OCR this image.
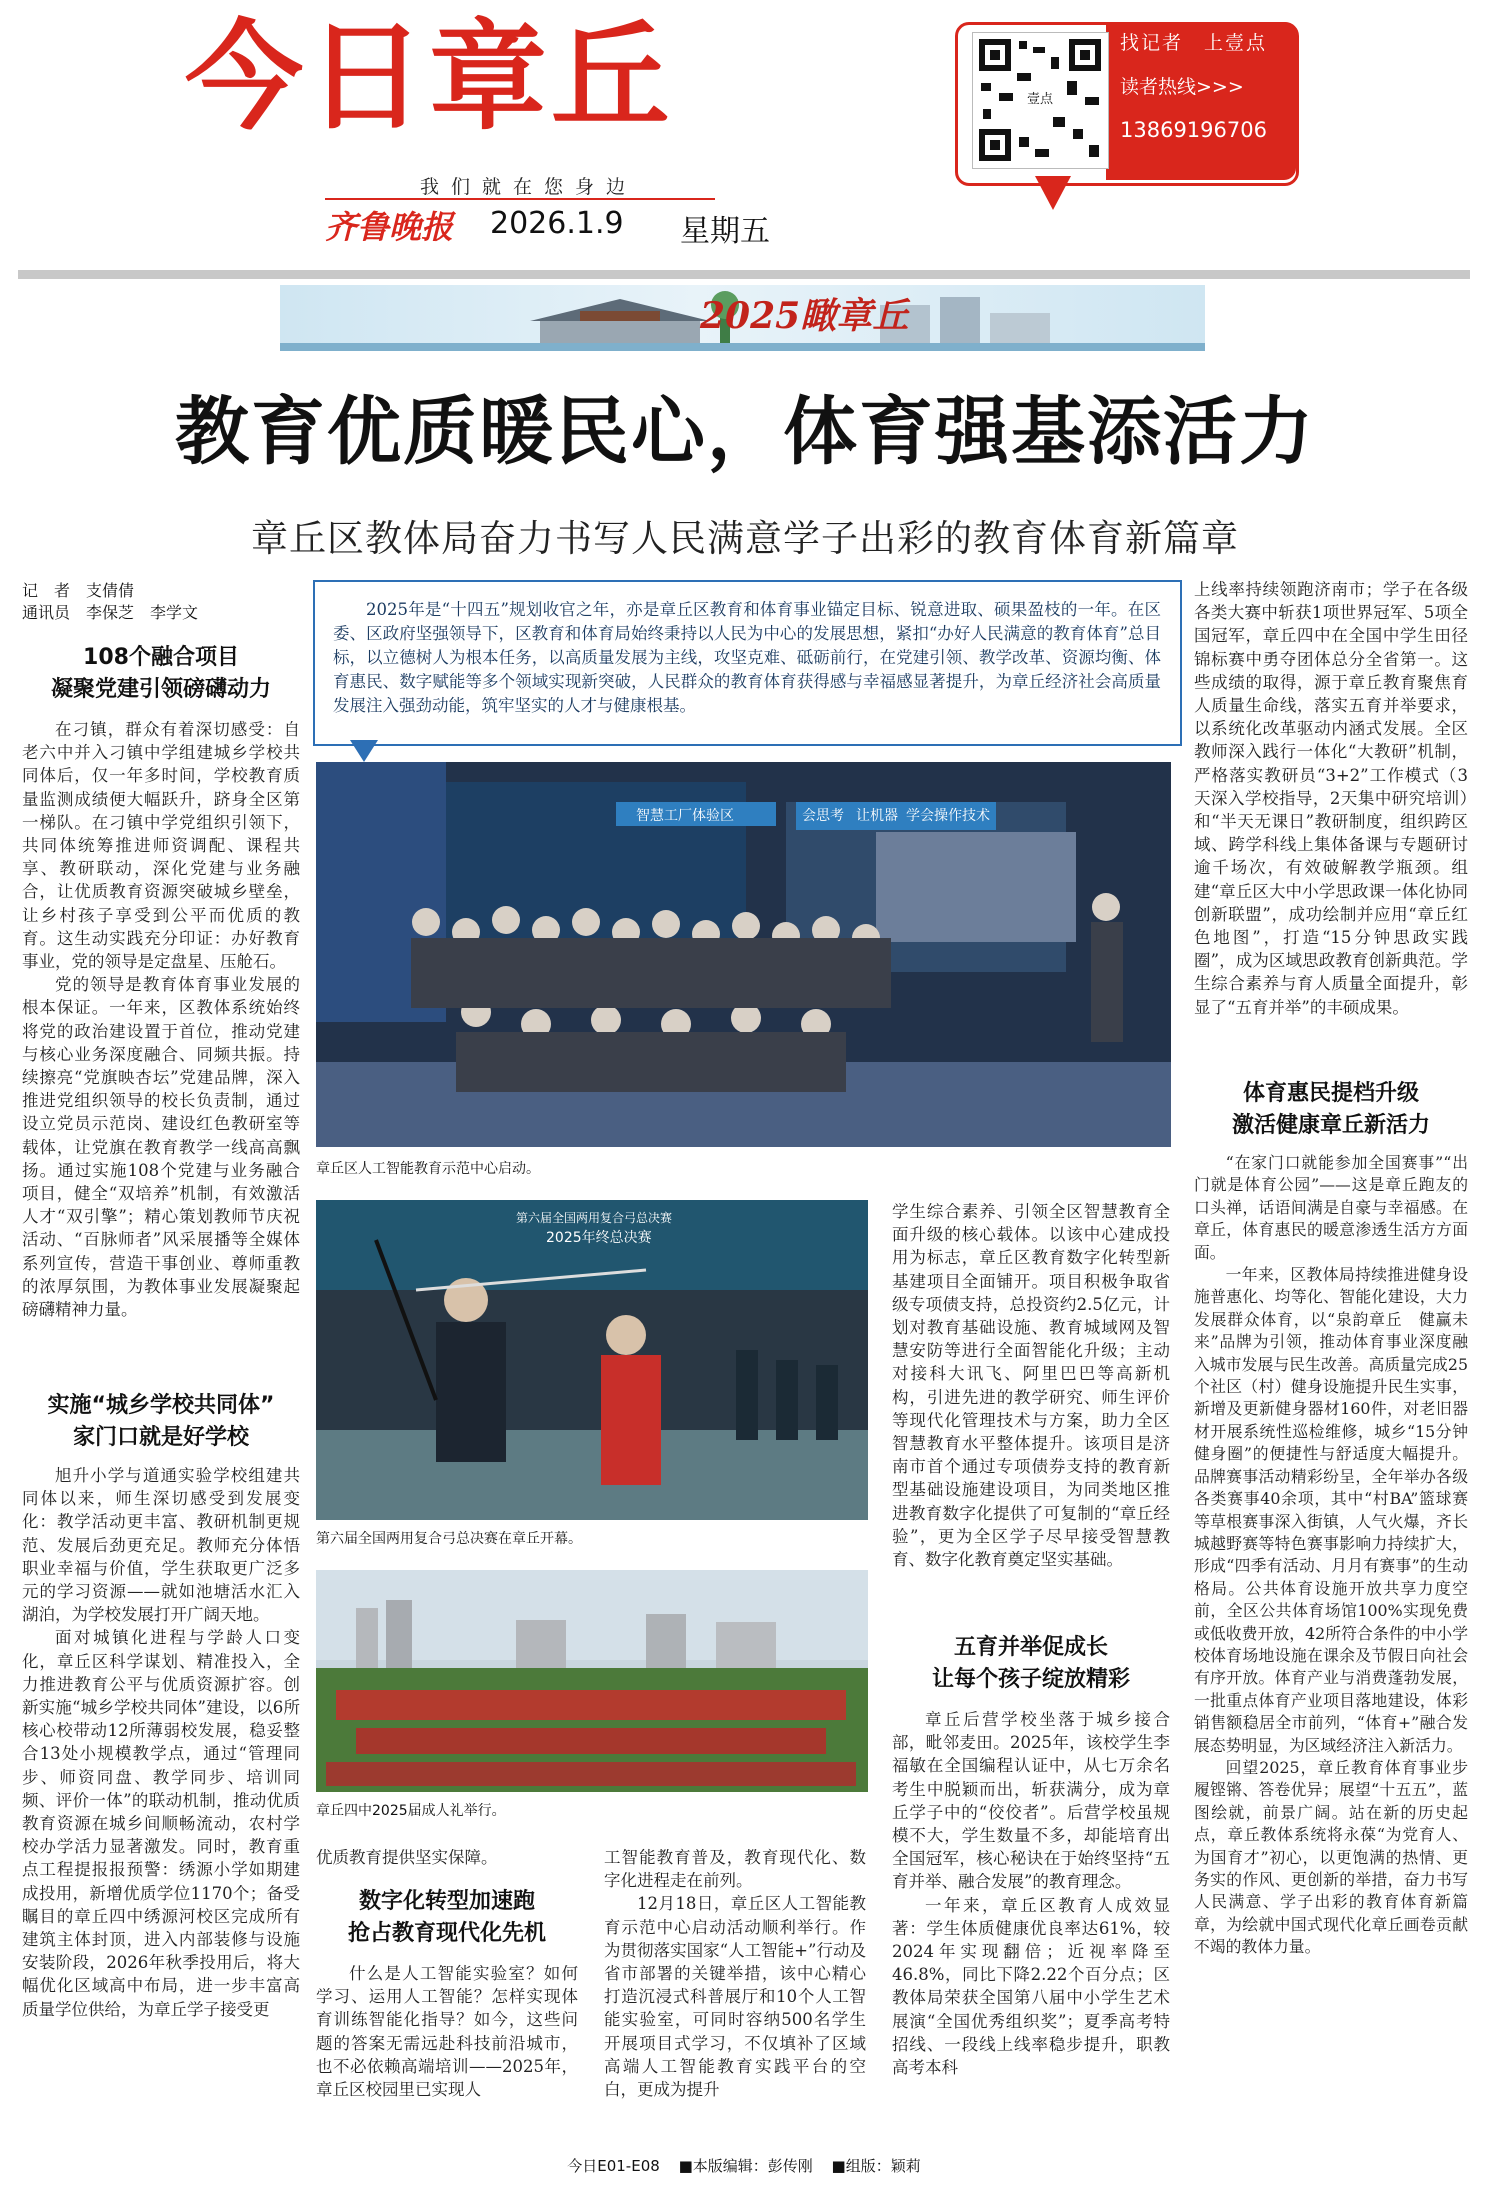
今日章丘
我们就在您身边
齐鲁晚报 2026.1.9 星期五
壹点
找记者　上壹点
读者热线>>>
13869196706
2025瞰章丘
教育优质暖民心，体育强基添活力
章丘区教体局奋力书写人民满意学子出彩的教育体育新篇章
2025年是“十四五”规划收官之年，亦是章丘区教育和体育事业锚定目标、锐意进取、硕果盈枝的一年。在区委、区政府坚强领导下，区教育和体育局始终秉持以人民为中心的发展思想，紧扣“办好人民满意的教育体育”总目标，以立德树人为根本任务，以高质量发展为主线，攻坚克难、砥砺前行，在党建引领、教学改革、资源均衡、体育惠民、数字赋能等多个领域实现新突破，人民群众的教育体育获得感与幸福感显著提升，为章丘经济社会高质量发展注入强劲动能，筑牢坚实的人才与健康根基。
记　者　支倩倩
通讯员　李保芝　李学文
108个融合项目
凝聚党建引领磅礴动力

在刁镇，群众有着深切感受：自老六中并入刁镇中学组建城乡学校共同体后，仅一年多时间，学校教育质量监测成绩便大幅跃升，跻身全区第一梯队。在刁镇中学党组织引领下，共同体统筹推进师资调配、课程共享、教研联动，深化党建与业务融合，让优质教育资源突破城乡壁垒，让乡村孩子享受到公平而优质的教育。这生动实践充分印证：办好教育事业，党的领导是定盘星、压舱石。

党的领导是教育体育事业发展的根本保证。一年来，区教体系统始终将党的政治建设置于首位，推动党建与核心业务深度融合、同频共振。持续擦亮“党旗映杏坛”党建品牌，深入推进党组织领导的校长负责制，通过设立党员示范岗、建设红色教研室等载体，让党旗在教育教学一线高高飘扬。通过实施108个党建与业务融合项目，健全“双培养”机制，有效激活人才“双引擎”；精心策划教师节庆祝活动、“百脉师者”风采展播等全媒体系列宣传，营造干事创业、尊师重教的浓厚氛围，为教体事业发展凝聚起磅礴精神力量。

实施“城乡学校共同体”
家门口就是好学校

旭升小学与道通实验学校组建共同体以来，师生深切感受到发展变化：教学活动更丰富、教研机制更规范、发展后劲更充足。教师充分体悟职业幸福与价值，学生获取更广泛多元的学习资源——就如池塘活水汇入湖泊，为学校发展打开广阔天地。

面对城镇化进程与学龄人口变化，章丘区科学谋划、精准投入，全力推进教育公平与优质资源扩容。创新实施“城乡学校共同体”建设，以6所核心校带动12所薄弱校发展，稳妥整合13处小规模教学点，通过“管理同步、师资同盘、教学同步、培训同频、评价一体”的联动机制，推动优质教育资源在城乡间顺畅流动，农村学校办学活力显著激发。同时，教育重点工程提报报预警：绣源小学如期建成投用，新增优质学位1170个；备受瞩目的章丘四中绣源河校区完成所有建筑主体封顶，进入内部装修与设施安装阶段，2026年秋季投用后，将大幅优化区域高中布局，进一步丰富高质量学位供给，为章丘学子接受更

智慧工厂体验区	会思考 让机器 学会操作技术
章丘区人工智能教育示范中心启动。
第六届全国两用复合弓总决赛
2025年终总决赛
第六届全国两用复合弓总决赛在章丘开幕。
章丘四中2025届成人礼举行。

优质教育提供坚实保障。

数字化转型加速跑
抢占教育现代化先机

什么是人工智能实验室？如何学习、运用人工智能？怎样实现体育训练智能化指导？如今，这些问题的答案无需远赴科技前沿城市，也不必依赖高端培训——2025年，章丘区校园里已实现人

工智能教育普及，教育现代化、数字化进程走在前列。

12月18日，章丘区人工智能教育示范中心启动活动顺利举行。作为贯彻落实国家“人工智能+”行动及省市部署的关键举措，该中心精心打造沉浸式科普展厅和10个人工智能实验室，可同时容纳500名学生开展项目式学习，不仅填补了区域高端人工智能教育实践平台的空白，更成为提升

学生综合素养、引领全区智慧教育全面升级的核心载体。以该中心建成投用为标志，章丘区教育数字化转型新基建项目全面铺开。项目积极争取省级专项债支持，总投资约2.5亿元，计划对教育基础设施、教育城域网及智慧安防等进行全面智能化升级；主动对接科大讯飞、阿里巴巴等高新机构，引进先进的教学研究、师生评价等现代化管理技术与方案，助力全区智慧教育水平整体提升。该项目是济南市首个通过专项债券支持的教育新型基础设施建设项目，为同类地区推进教育数字化提供了可复制的“章丘经验”，更为全区学子尽早接受智慧教育、数字化教育奠定坚实基础。

五育并举促成长
让每个孩子绽放精彩

章丘后营学校坐落于城乡接合部，毗邻麦田。2025年，该校学生李福敏在全国编程认证中，从七万余名考生中脱颖而出，斩获满分，成为章丘学子中的“佼佼者”。后营学校虽规模不大，学生数量不多，却能培育出全国冠军，核心秘诀在于始终坚持“五育并举、融合发展”的教育理念。

一年来，章丘区教育人成效显著：学生体质健康优良率达61%，较2024年实现翻倍；近视率降至46.8%，同比下降2.22个百分点；区教体局荣获全国第八届中小学生艺术展演“全国优秀组织奖”；夏季高考特招线、一段线上线率稳步提升，职教高考本科

上线率持续领跑济南市；学子在各级各类大赛中斩获1项世界冠军、5项全国冠军，章丘四中在全国中学生田径锦标赛中勇夺团体总分全省第一。这些成绩的取得，源于章丘教育聚焦育人质量生命线，落实五育并举要求，以系统化改革驱动内涵式发展。全区教师深入践行一体化“大教研”机制，严格落实教研员“3+2”工作模式（3天深入学校指导，2天集中研究培训）和“半天无课日”教研制度，组织跨区域、跨学科线上集体备课与专题研讨逾千场次，有效破解教学瓶颈。组建“章丘区大中小学思政课一体化协同创新联盟”，成功绘制并应用“章丘红色地图”，打造“15分钟思政实践圈”，成为区域思政教育创新典范。学生综合素养与育人质量全面提升，彰显了“五育并举”的丰硕成果。

体育惠民提档升级
激活健康章丘新活力

“在家门口就能参加全国赛事”“出门就是体育公园”——这是章丘跑友的口头禅，话语间满是自豪与幸福感。在章丘，体育惠民的暖意渗透生活方方面面。

一年来，区教体局持续推进健身设施普惠化、均等化、智能化建设，大力发展群众体育，以“泉韵章丘　健赢未来”品牌为引领，推动体育事业深度融入城市发展与民生改善。高质量完成25个社区（村）健身设施提升民生实事，新增及更新健身器材160件，对老旧器材开展系统性巡检维修，城乡“15分钟健身圈”的便捷性与舒适度大幅提升。品牌赛事活动精彩纷呈，全年举办各级各类赛事40余项，其中“村BA”篮球赛等草根赛事深入街镇，人气火爆，齐长城越野赛等特色赛事影响力持续扩大，形成“四季有活动、月月有赛事”的生动格局。公共体育设施开放共享力度空前，全区公共体育场馆100%实现免费或低收费开放，42所符合条件的中小学校体育场地设施在课余及节假日向社会有序开放。体育产业与消费蓬勃发展，一批重点体育产业项目落地建设，体彩销售额稳居全市前列，“体育+”融合发展态势明显，为区域经济注入新活力。

回望2025，章丘教育体育事业步履铿锵、答卷优异；展望“十五五”，蓝图绘就，前景广阔。站在新的历史起点，章丘教体系统将永葆“为党育人、为国育才”初心，以更饱满的热情、更务实的作风、更创新的举措，奋力书写人民满意、学子出彩的教育体育新篇章，为绘就中国式现代化章丘画卷贡献不竭的教体力量。

今日E01-E08 ■本版编辑：彭传刚 ■组版：颖莉
